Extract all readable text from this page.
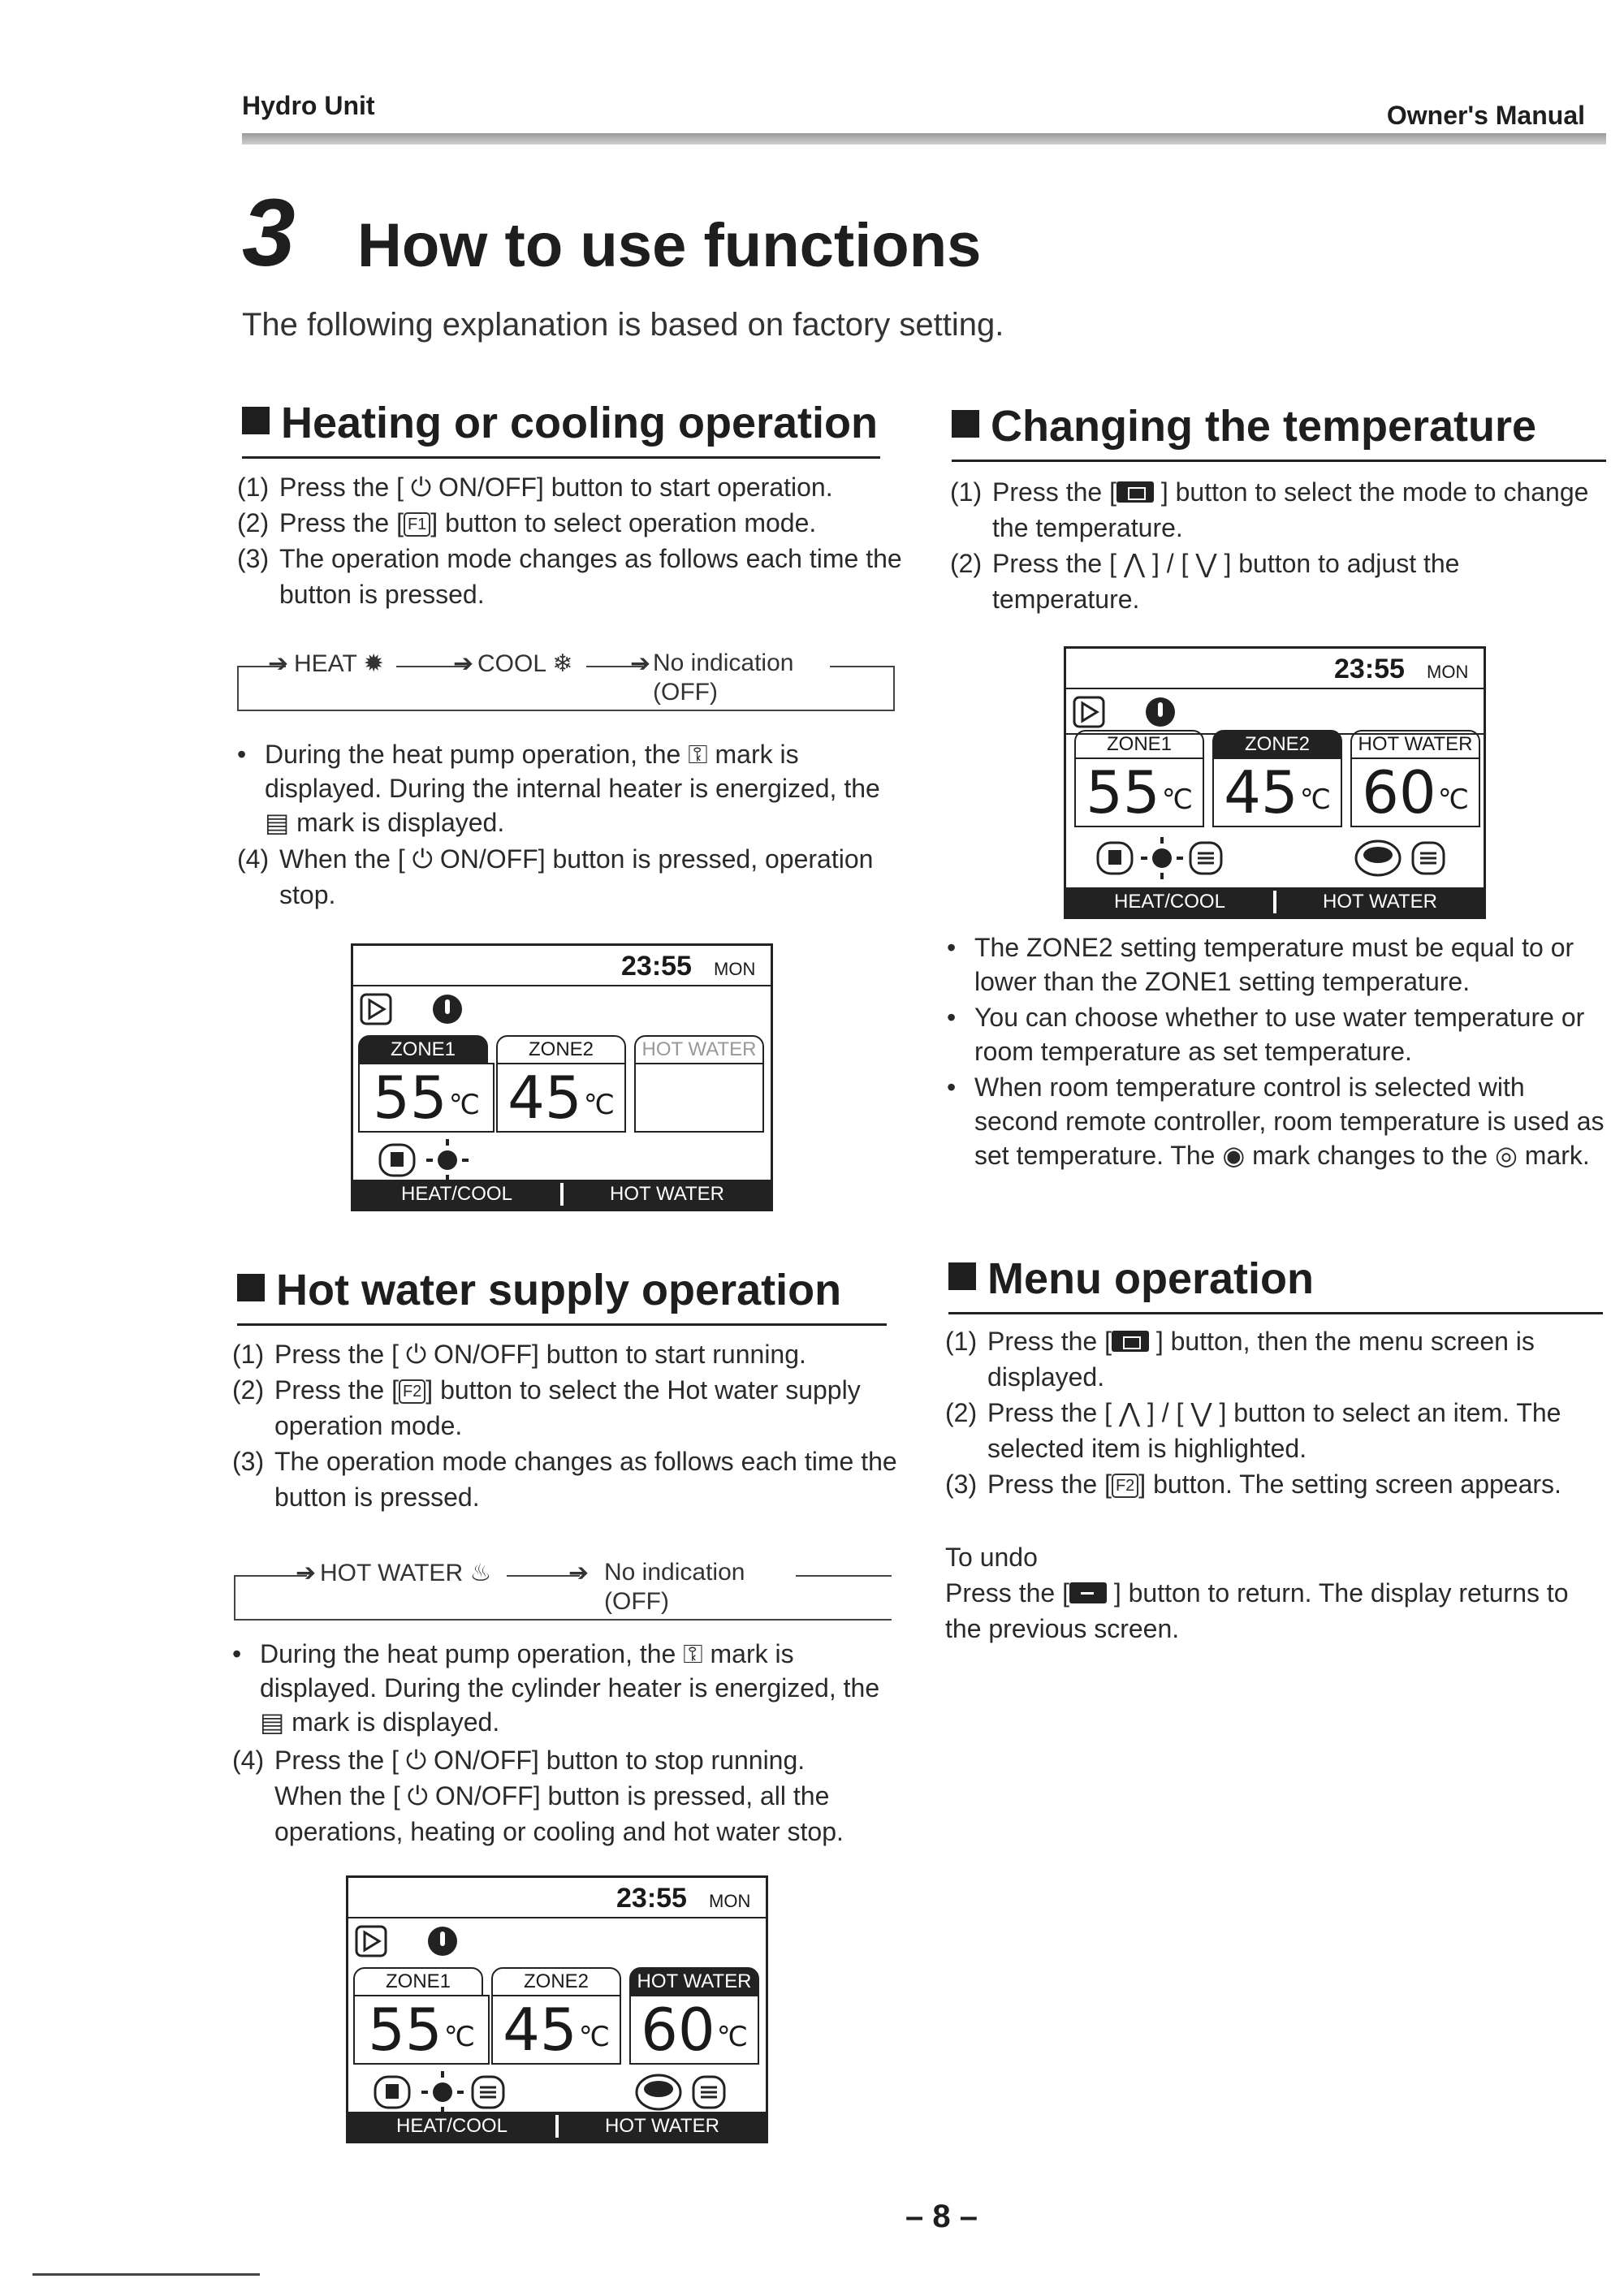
Hydro Unit	Owner's Manual
3 How to use functions
The following explanation is based on factory setting.
Heating or cooling operation
(1) Press the [ ⏻ ON/OFF] button to start operation.
(2) Press the [ F1 ] button to select operation mode.
(3) The operation mode changes as follows each time the button is pressed.
➔ HEAT ✹	➔ COOL ❄ ➔ No indication
(OFF)
• During the heat pump operation, the ⚿ mark is displayed. During the internal heater is energized, the ▤ mark is displayed.
(4) When the [ ⏻ ON/OFF] button is pressed, operation stop.
23:55 MON
ZONE1	ZONE2	HOT WATER
55 ℃ 45 ℃
HEAT/COOL	HOT WATER
Hot water supply operation
(1) Press the [ ⏻ ON/OFF] button to start running.
(2) Press the [ F2 ] button to select the Hot water supply operation mode.
(3) The operation mode changes as follows each time the button is pressed.
➔ HOT WATER ♨	➔ No indication
(OFF)
• During the heat pump operation, the ⚿ mark is displayed. During the cylinder heater is energized, the ▤ mark is displayed.
(4) Press the [ ⏻ ON/OFF] button to stop running.
When the [ ⏻ ON/OFF] button is pressed, all the operations, heating or cooling and hot water stop.
23:55 MON
ZONE1	ZONE2	HOT WATER
55 ℃ 45 ℃ 60 ℃
HEAT/COOL	HOT WATER
Changing the temperature
(1) Press the [ ] button to select the mode to change the temperature.
(2) Press the [ ⋀ ] / [ ⋁ ] button to adjust the temperature.
23:55 MON
ZONE1	ZONE2	HOT WATER
55 ℃ 45 ℃ 60 ℃
HEAT/COOL	HOT WATER
• The ZONE2 setting temperature must be equal to or lower than the ZONE1 setting temperature.
• You can choose whether to use water temperature or room temperature as set temperature.
• When room temperature control is selected with second remote controller, room temperature is used as set temperature. The ◉ mark changes to the ◎ mark.
Menu operation
(1) Press the [ ] button, then the menu screen is displayed.
(2) Press the [ ⋀ ] / [ ⋁ ] button to select an item. The selected item is highlighted.
(3) Press the [ F2 ] button. The setting screen appears.
To undo
Press the [ ] button to return. The display returns to the previous screen.
– 8 –
